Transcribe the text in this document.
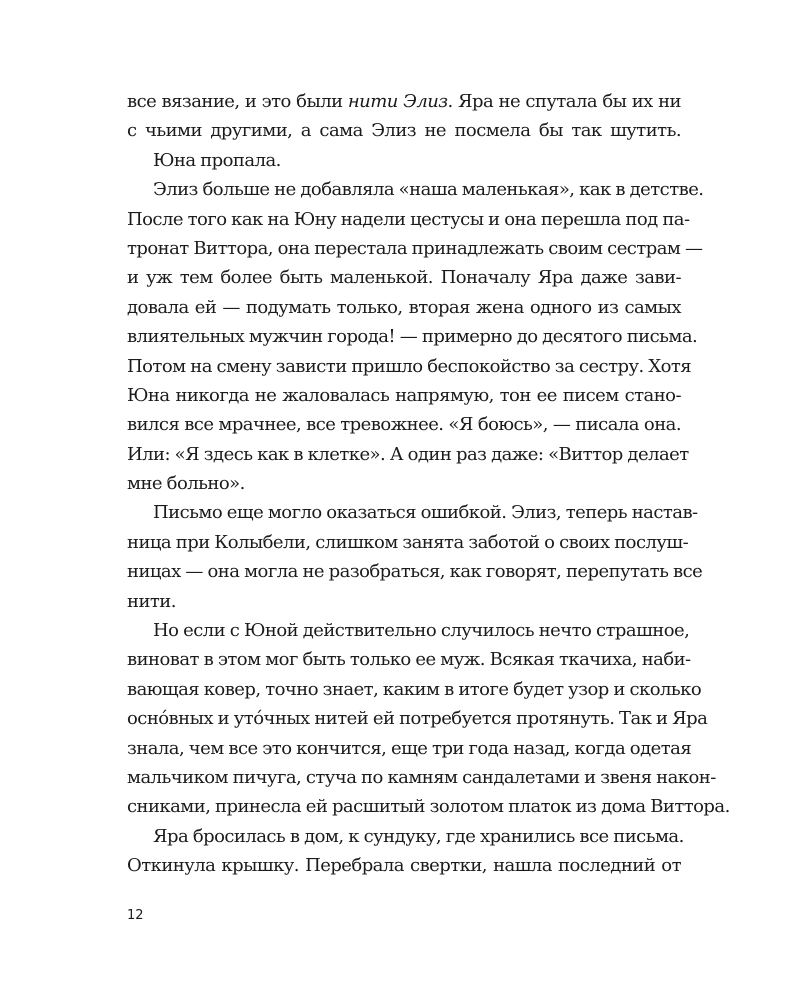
все вязание, и это были нити Элиз. Яра не спутала бы их ни
с чьими другими, а сама Элиз не посмела бы так шутить.
Юна пропала.
Элиз больше не добавляла «наша маленькая», как в детстве.
После того как на Юну надели цестусы и она перешла под па-
тронат Виттора, она перестала принадлежать своим сестрам —
и уж тем более быть маленькой. Поначалу Яра даже зави-
довала ей — подумать только, вторая жена одного из самых
влиятельных мужчин города! — примерно до десятого письма.
Потом на смену зависти пришло беспокойство за сестру. Хотя
Юна никогда не жаловалась напрямую, тон ее писем стано-
вился все мрачнее, все тревожнее. «Я боюсь», — писала она.
Или: «Я здесь как в клетке». А один раз даже: «Виттор делает
мне больно».
Письмо еще могло оказаться ошибкой. Элиз, теперь настав-
ница при Колыбели, слишком занята заботой о своих послуш-
ницах — она могла не разобраться, как говорят, перепутать все
нити.
Но если с Юной действительно случилось нечто страшное,
виноват в этом мог быть только ее муж. Всякая ткачиха, наби-
вающая ковер, точно знает, каким в итоге будет узор и сколько
осно́вных и уто́чных нитей ей потребуется протянуть. Так и Яра
знала, чем все это кончится, еще три года назад, когда одетая
мальчиком пичуга, стуча по камням сандалетами и звеня након-
сниками, принесла ей расшитый золотом платок из дома Виттора.
Яра бросилась в дом, к сундуку, где хранились все письма.
Откинула крышку. Перебрала свертки, нашла последний от
12
